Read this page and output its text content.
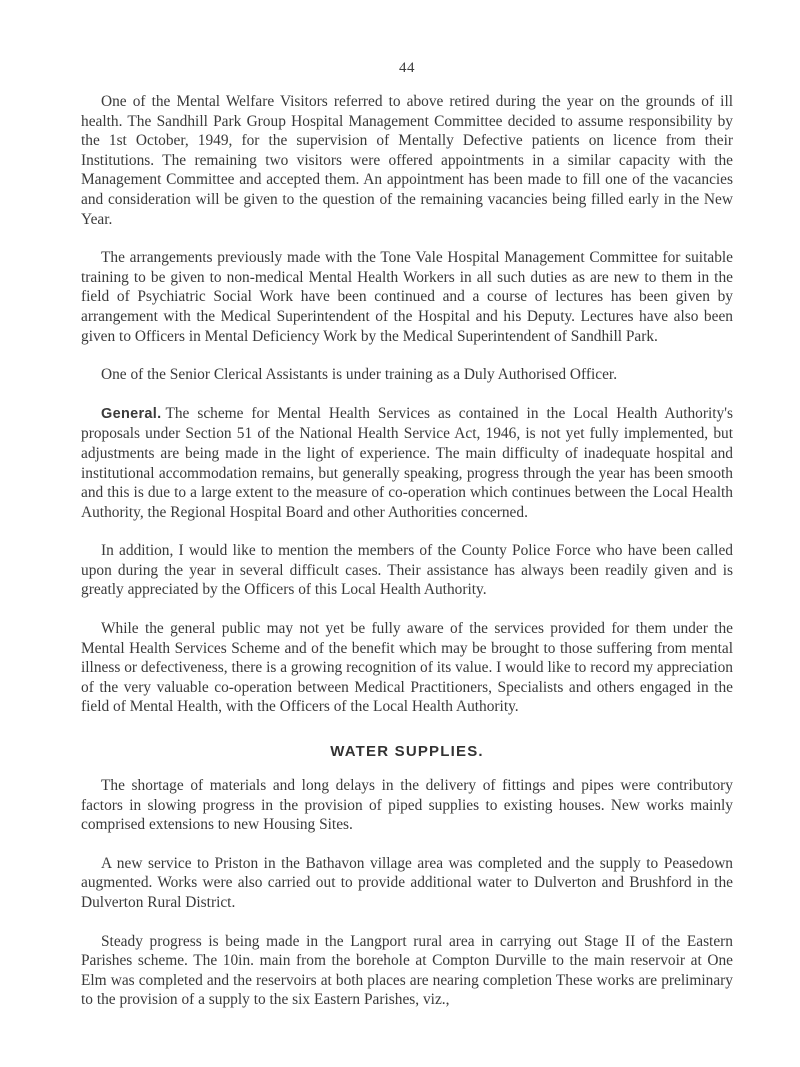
44

One of the Mental Welfare Visitors referred to above retired during the year on the grounds of ill health. The Sandhill Park Group Hospital Management Committee decided to assume responsibility by the 1st October, 1949, for the supervision of Mentally Defective patients on licence from their Institutions. The remaining two visitors were offered appointments in a similar capacity with the Management Committee and accepted them. An appointment has been made to fill one of the vacancies and consideration will be given to the question of the remaining vacancies being filled early in the New Year.

The arrangements previously made with the Tone Vale Hospital Management Committee for suitable training to be given to non-medical Mental Health Workers in all such duties as are new to them in the field of Psychiatric Social Work have been continued and a course of lectures has been given by arrangement with the Medical Superintendent of the Hospital and his Deputy. Lectures have also been given to Officers in Mental Deficiency Work by the Medical Superintendent of Sandhill Park.

One of the Senior Clerical Assistants is under training as a Duly Authorised Officer.

General. The scheme for Mental Health Services as contained in the Local Health Authority's proposals under Section 51 of the National Health Service Act, 1946, is not yet fully implemented, but adjustments are being made in the light of experience. The main difficulty of inadequate hospital and institutional accommodation remains, but generally speaking, progress through the year has been smooth and this is due to a large extent to the measure of co-operation which continues between the Local Health Authority, the Regional Hospital Board and other Authorities concerned.

In addition, I would like to mention the members of the County Police Force who have been called upon during the year in several difficult cases. Their assistance has always been readily given and is greatly appreciated by the Officers of this Local Health Authority.

While the general public may not yet be fully aware of the services provided for them under the Mental Health Services Scheme and of the benefit which may be brought to those suffering from mental illness or defectiveness, there is a growing recognition of its value. I would like to record my appreciation of the very valuable co-operation between Medical Practitioners, Specialists and others engaged in the field of Mental Health, with the Officers of the Local Health Authority.

WATER SUPPLIES.

The shortage of materials and long delays in the delivery of fittings and pipes were contributory factors in slowing progress in the provision of piped supplies to existing houses. New works mainly comprised extensions to new Housing Sites.

A new service to Priston in the Bathavon village area was completed and the supply to Peasedown augmented. Works were also carried out to provide additional water to Dulverton and Brushford in the Dulverton Rural District.

Steady progress is being made in the Langport rural area in carrying out Stage II of the Eastern Parishes scheme. The 10in. main from the borehole at Compton Durville to the main reservoir at One Elm was completed and the reservoirs at both places are nearing completion These works are preliminary to the provision of a supply to the six Eastern Parishes, viz.,
